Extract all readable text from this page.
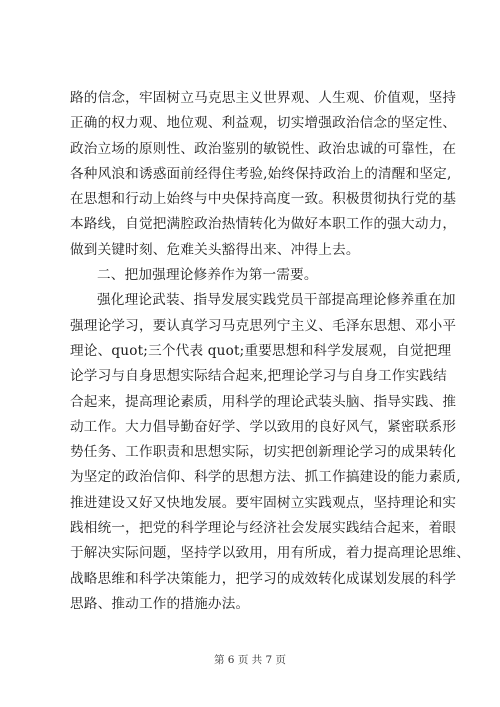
路的信念，牢固树立马克思主义世界观、人生观、价值观，坚持
正确的权力观、地位观、利益观，切实增强政治信念的坚定性、
政治立场的原则性、政治鉴别的敏锐性、政治忠诚的可靠性，在
各种风浪和诱惑面前经得住考验,始终保持政治上的清醒和坚定,
在思想和行动上始终与中央保持高度一致。积极贯彻执行党的基
本路线，自觉把满腔政治热情转化为做好本职工作的强大动力，
做到关键时刻、危难关头豁得出来、冲得上去。
二、把加强理论修养作为第一需要。
强化理论武装、指导发展实践党员干部提高理论修养重在加
强理论学习，要认真学习马克思列宁主义、毛泽东思想、邓小平
理论、quot;三个代表 quot;重要思想和科学发展观，自觉把理
论学习与自身思想实际结合起来,把理论学习与自身工作实践结
合起来，提高理论素质，用科学的理论武装头脑、指导实践、推
动工作。大力倡导勤奋好学、学以致用的良好风气，紧密联系形
势任务、工作职责和思想实际，切实把创新理论学习的成果转化
为坚定的政治信仰、科学的思想方法、抓工作搞建设的能力素质,
推进建设又好又快地发展。要牢固树立实践观点，坚持理论和实
践相统一，把党的科学理论与经济社会发展实践结合起来，着眼
于解决实际问题，坚持学以致用，用有所成，着力提高理论思维、
战略思维和科学决策能力，把学习的成效转化成谋划发展的科学
思路、推动工作的措施办法。
第 6 页 共 7 页
